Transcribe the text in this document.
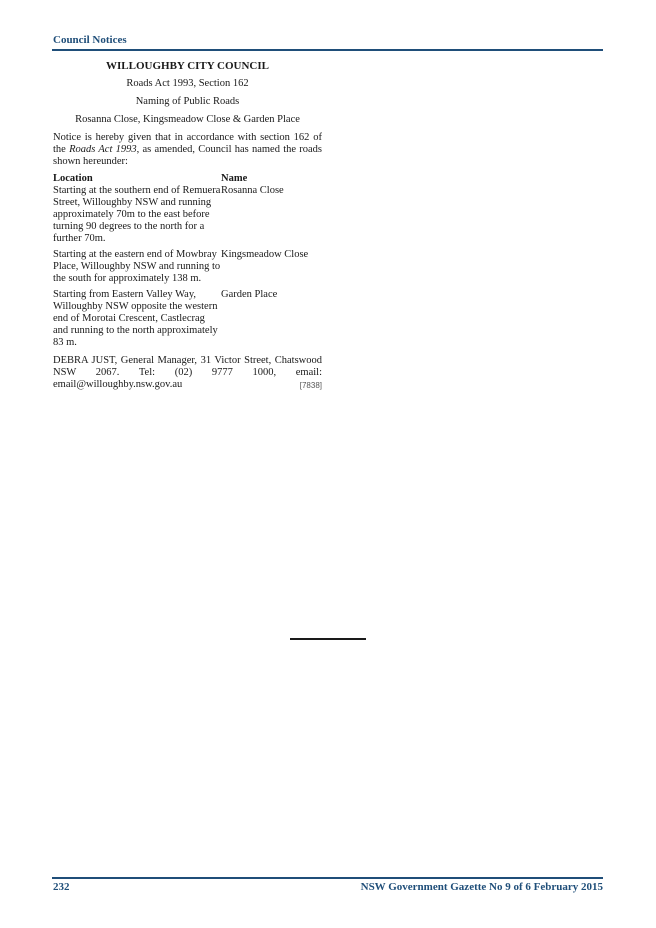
Council Notices
WILLOUGHBY CITY COUNCIL
Roads Act 1993, Section 162
Naming of Public Roads
Rosanna Close, Kingsmeadow Close & Garden Place

Notice is hereby given that in accordance with section 162 of the Roads Act 1993, as amended, Council has named the roads shown hereunder:

Location	Name
Starting at the southern end of Remuera Street, Willoughby NSW and running approximately 70m to the east before turning 90 degrees to the north for a further 70m.	Rosanna Close
Starting at the eastern end of Mowbray Place, Willoughby NSW and running to the south for approximately 138 m.	Kingsmeadow Close
Starting from Eastern Valley Way, Willoughby NSW opposite the western end of Morotai Crescent, Castlecrag and running to the north approximately 83 m.	Garden Place

DEBRA JUST, General Manager, 31 Victor Street, Chatswood NSW 2067. Tel: (02) 9777 1000, email: email@willoughby.nsw.gov.au	[7838]

232	NSW Government Gazette No 9 of 6 February 2015
